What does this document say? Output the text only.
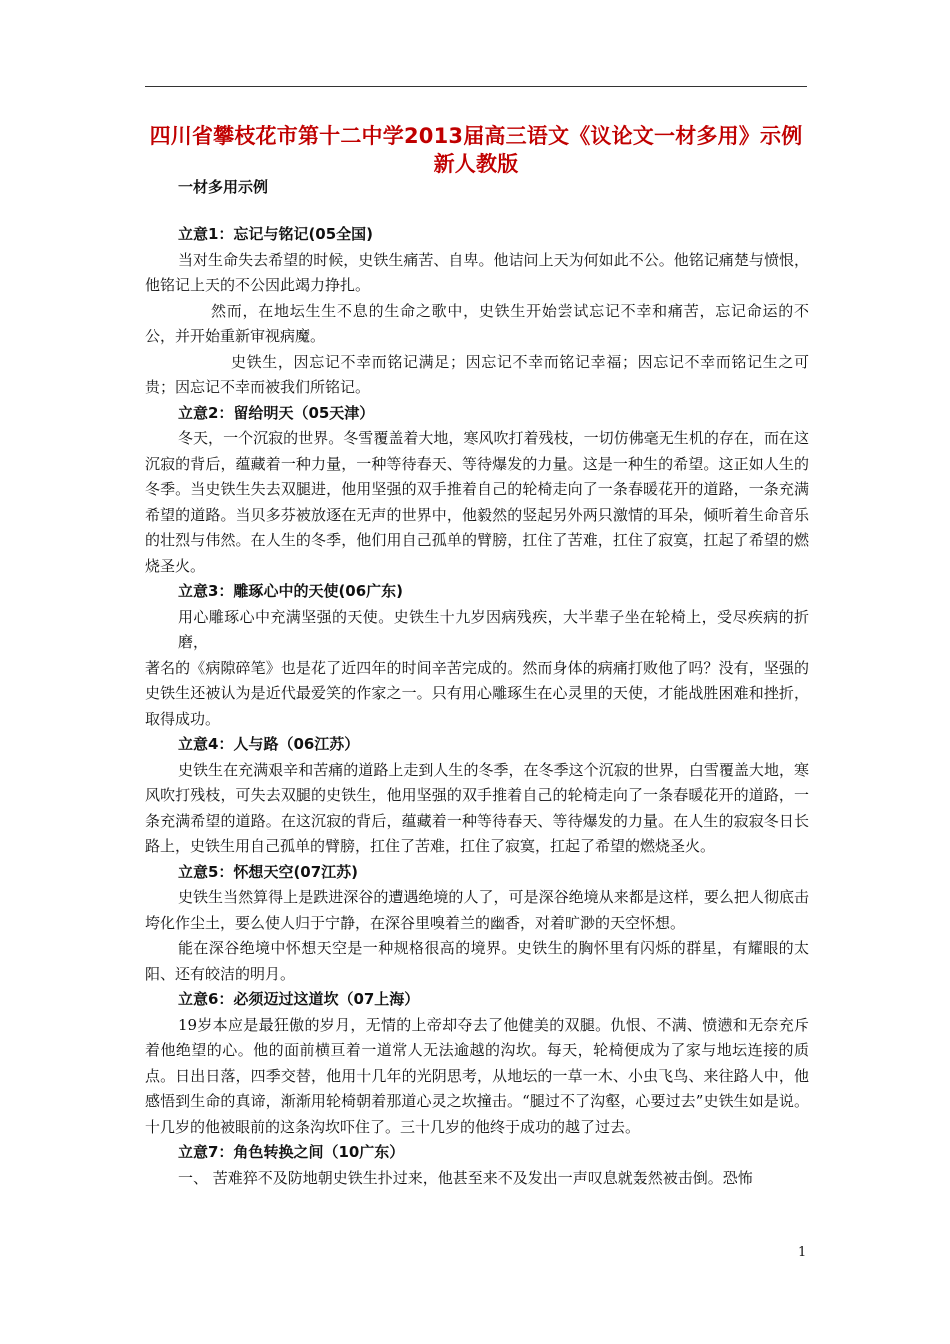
四川省攀枝花市第十二中学2013届高三语文《议论文一材多用》示例新人教版
一材多用示例

立意1：忘记与铭记(05全国)

当对生命失去希望的时候，史铁生痛苦、自卑。他诘问上天为何如此不公。他铭记痛楚与愤恨，他铭记上天的不公因此竭力挣扎。

然而，在地坛生生不息的生命之歌中，史铁生开始尝试忘记不幸和痛苦，忘记命运的不公，并开始重新审视病魔。

史铁生，因忘记不幸而铭记满足；因忘记不幸而铭记幸福；因忘记不幸而铭记生之可贵；因忘记不幸而被我们所铭记。

立意2：留给明天（05天津）

冬天，一个沉寂的世界。冬雪覆盖着大地，寒风吹打着残枝，一切仿佛毫无生机的存在，而在这沉寂的背后，蕴藏着一种力量，一种等待春天、等待爆发的力量。这是一种生的希望。这正如人生的冬季。当史铁生失去双腿进，他用坚强的双手推着自己的轮椅走向了一条春暖花开的道路，一条充满希望的道路。当贝多芬被放逐在无声的世界中，他毅然的竖起另外两只激情的耳朵，倾听着生命音乐的壮烈与伟然。在人生的冬季，他们用自己孤单的臂膀，扛住了苦难，扛住了寂寞，扛起了希望的燃烧圣火。

立意3：雕琢心中的天使(06广东)

用心雕琢心中充满坚强的天使。史铁生十九岁因病残疾，大半辈子坐在轮椅上，受尽疾病的折磨，

著名的《病隙碎笔》也是花了近四年的时间辛苦完成的。然而身体的病痛打败他了吗？没有，坚强的史铁生还被认为是近代最爱笑的作家之一。只有用心雕琢生在心灵里的天使，才能战胜困难和挫折，取得成功。

立意4：人与路（06江苏）

史铁生在充满艰辛和苦痛的道路上走到人生的冬季，在冬季这个沉寂的世界，白雪覆盖大地，寒风吹打残枝，可失去双腿的史铁生，他用坚强的双手推着自己的轮椅走向了一条春暖花开的道路，一条充满希望的道路。在这沉寂的背后，蕴藏着一种等待春天、等待爆发的力量。在人生的寂寂冬日长路上，史铁生用自己孤单的臂膀，扛住了苦难，扛住了寂寞，扛起了希望的燃烧圣火。

立意5：怀想天空(07江苏)

史铁生当然算得上是跌进深谷的遭遇绝境的人了，可是深谷绝境从来都是这样，要么把人彻底击垮化作尘土，要么使人归于宁静，在深谷里嗅着兰的幽香，对着旷渺的天空怀想。

能在深谷绝境中怀想天空是一种规格很高的境界。史铁生的胸怀里有闪烁的群星，有耀眼的太阳、还有皎洁的明月。

立意6：必须迈过这道坎（07上海）

19岁本应是最狂傲的岁月，无情的上帝却夺去了他健美的双腿。仇恨、不满、愤懑和无奈充斥着他绝望的心。他的面前横亘着一道常人无法逾越的沟坎。每天，轮椅便成为了家与地坛连接的质点。日出日落，四季交替，他用十几年的光阴思考，从地坛的一草一木、小虫飞鸟、来往路人中，他感悟到生命的真谛，渐渐用轮椅朝着那道心灵之坎撞击。“腿过不了沟壑，心要过去”史铁生如是说。十几岁的他被眼前的这条沟坎吓住了。三十几岁的他终于成功的越了过去。

立意7：角色转换之间（10广东）

一、 苦难猝不及防地朝史铁生扑过来，他甚至来不及发出一声叹息就轰然被击倒。恐怖

1
